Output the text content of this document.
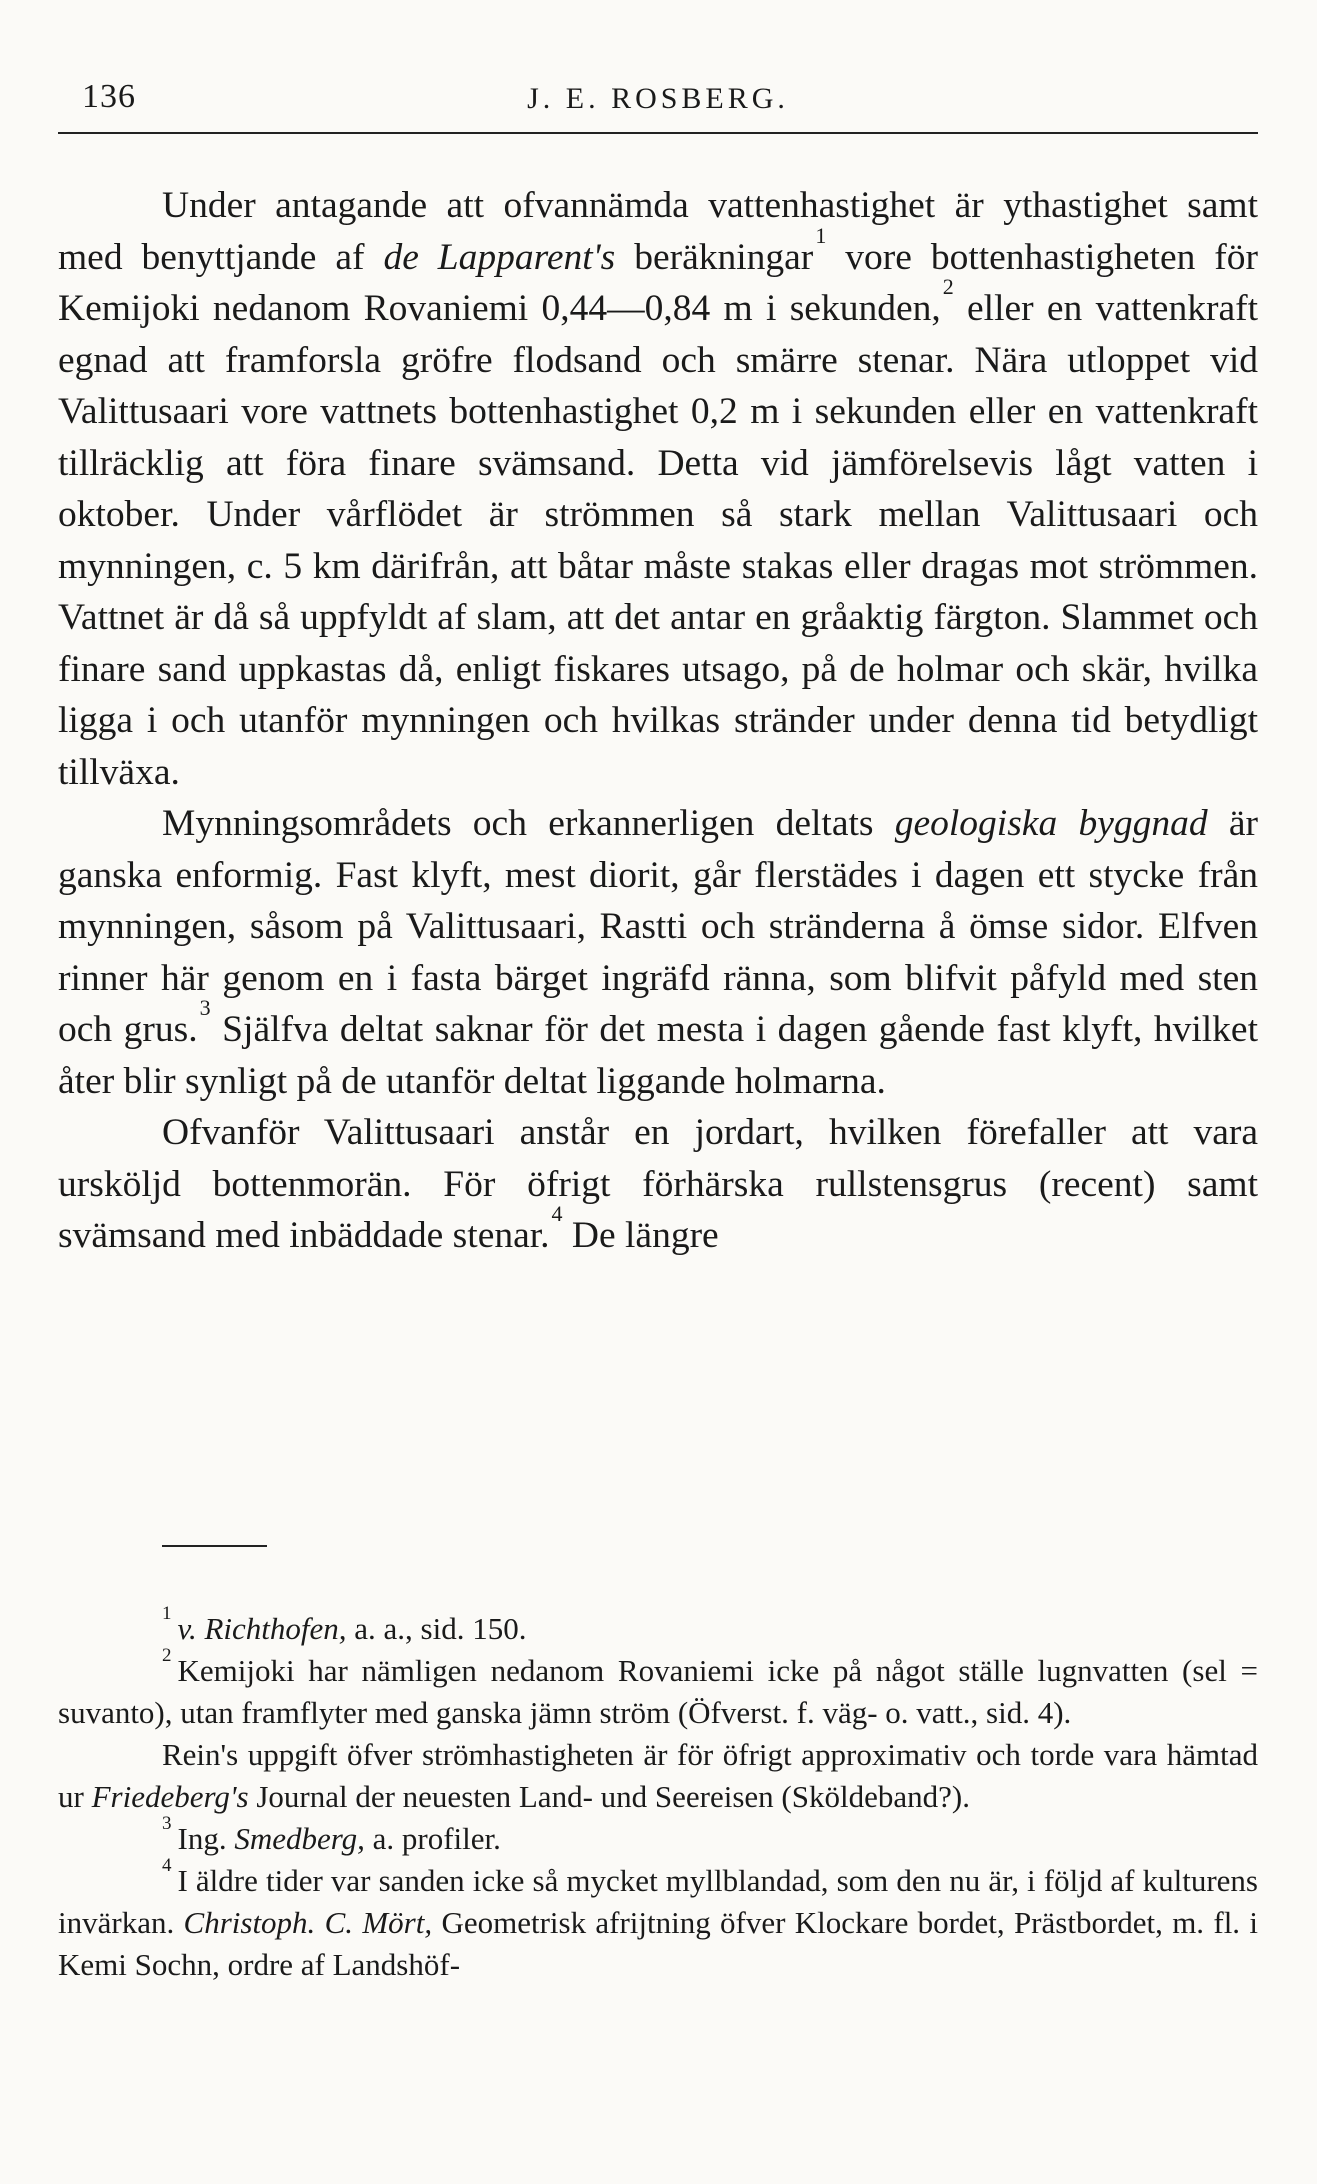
136	J. E. ROSBERG.

Under antagande att ofvannämda vattenhastighet är ythastighet samt med benyttjande af de Lapparent's beräkningar$^1$ vore bottenhastigheten för Kemijoki nedanom Rovaniemi 0,44—0,84 m i sekunden,$^2$ eller en vattenkraft egnad att framforsla gröfre flodsand och smärre stenar. Nära utloppet vid Valittusaari vore vattnets bottenhastighet 0,2 m i sekunden eller en vattenkraft tillräcklig att föra finare svämsand. Detta vid jämförelsevis lågt vatten i oktober. Under vårflödet är strömmen så stark mellan Valittusaari och mynningen, c. 5 km därifrån, att båtar måste stakas eller dragas mot strömmen. Vattnet är då så uppfyldt af slam, att det antar en gråaktig färgton. Slammet och finare sand uppkastas då, enligt fiskares utsago, på de holmar och skär, hvilka ligga i och utanför mynningen och hvilkas stränder under denna tid betydligt tillväxa.

Mynningsområdets och erkannerligen deltats geologiska byggnad är ganska enformig. Fast klyft, mest diorit, går flerstädes i dagen ett stycke från mynningen, såsom på Valittusaari, Rastti och stränderna å ömse sidor. Elfven rinner här genom en i fasta bärget ingräfd ränna, som blifvit påfyld med sten och grus.$^3$ Själfva deltat saknar för det mesta i dagen gående fast klyft, hvilket åter blir synligt på de utanför deltat liggande holmarna.

Ofvanför Valittusaari anstår en jordart, hvilken förefaller att vara ursköljd bottenmorän. För öfrigt förhärska rullstensgrus (recent) samt svämsand med inbäddade stenar.$^4$ De längre

$^1$ v. Richthofen, a. a., sid. 150.

$^2$ Kemijoki har nämligen nedanom Rovaniemi icke på något ställe lugnvatten (sel = suvanto), utan framflyter med ganska jämn ström (Öfverst. f. väg- o. vatt., sid. 4).

Rein's uppgift öfver strömhastigheten är för öfrigt approximativ och torde vara hämtad ur Friedeberg's Journal der neuesten Land- und Seereisen (Sköldeband?).

$^3$ Ing. Smedberg, a. profiler.

$^4$ I äldre tider var sanden icke så mycket myllblandad, som den nu är, i följd af kulturens invärkan. Christoph. C. Mört, Geometrisk afrijtning öfver Klockare bordet, Prästbordet, m. fl. i Kemi Sochn, ordre af Landshöf-
